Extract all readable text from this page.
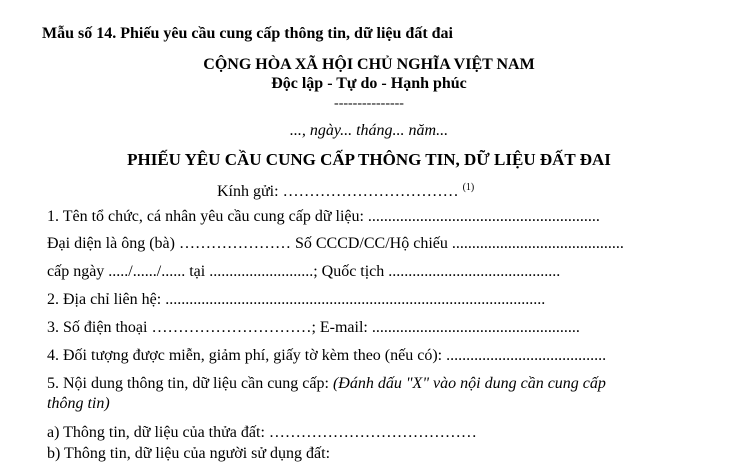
Mẫu số 14. Phiếu yêu cầu cung cấp thông tin, dữ liệu đất đai
CỘNG HÒA XÃ HỘI CHỦ NGHĨA VIỆT NAM
Độc lập - Tự do - Hạnh phúc
---------------
..., ngày... tháng... năm...
PHIẾU YÊU CẦU CUNG CẤP THÔNG TIN, DỮ LIỆU ĐẤT ĐAI
Kính gửi: …………………………… $^{(1)}$
1. Tên tổ chức, cá nhân yêu cầu cung cấp dữ liệu: ..........................................................
Đại diện là ông (bà) ………………… Số CCCD/CC/Hộ chiếu ...........................................
cấp ngày ...../....../...... tại ..........................; Quốc tịch ...........................................
2. Địa chỉ liên hệ: ...............................................................................................
3. Số điện thoại …………………………; E-mail: ....................................................
4. Đối tượng được miễn, giảm phí, giấy tờ kèm theo (nếu có): ........................................
5. Nội dung thông tin, dữ liệu cần cung cấp: (Đánh dấu "X" vào nội dung cần cung cấp
thông tin)
a) Thông tin, dữ liệu của thửa đất: …………………………………
b) Thông tin, dữ liệu của người sử dụng đất:
